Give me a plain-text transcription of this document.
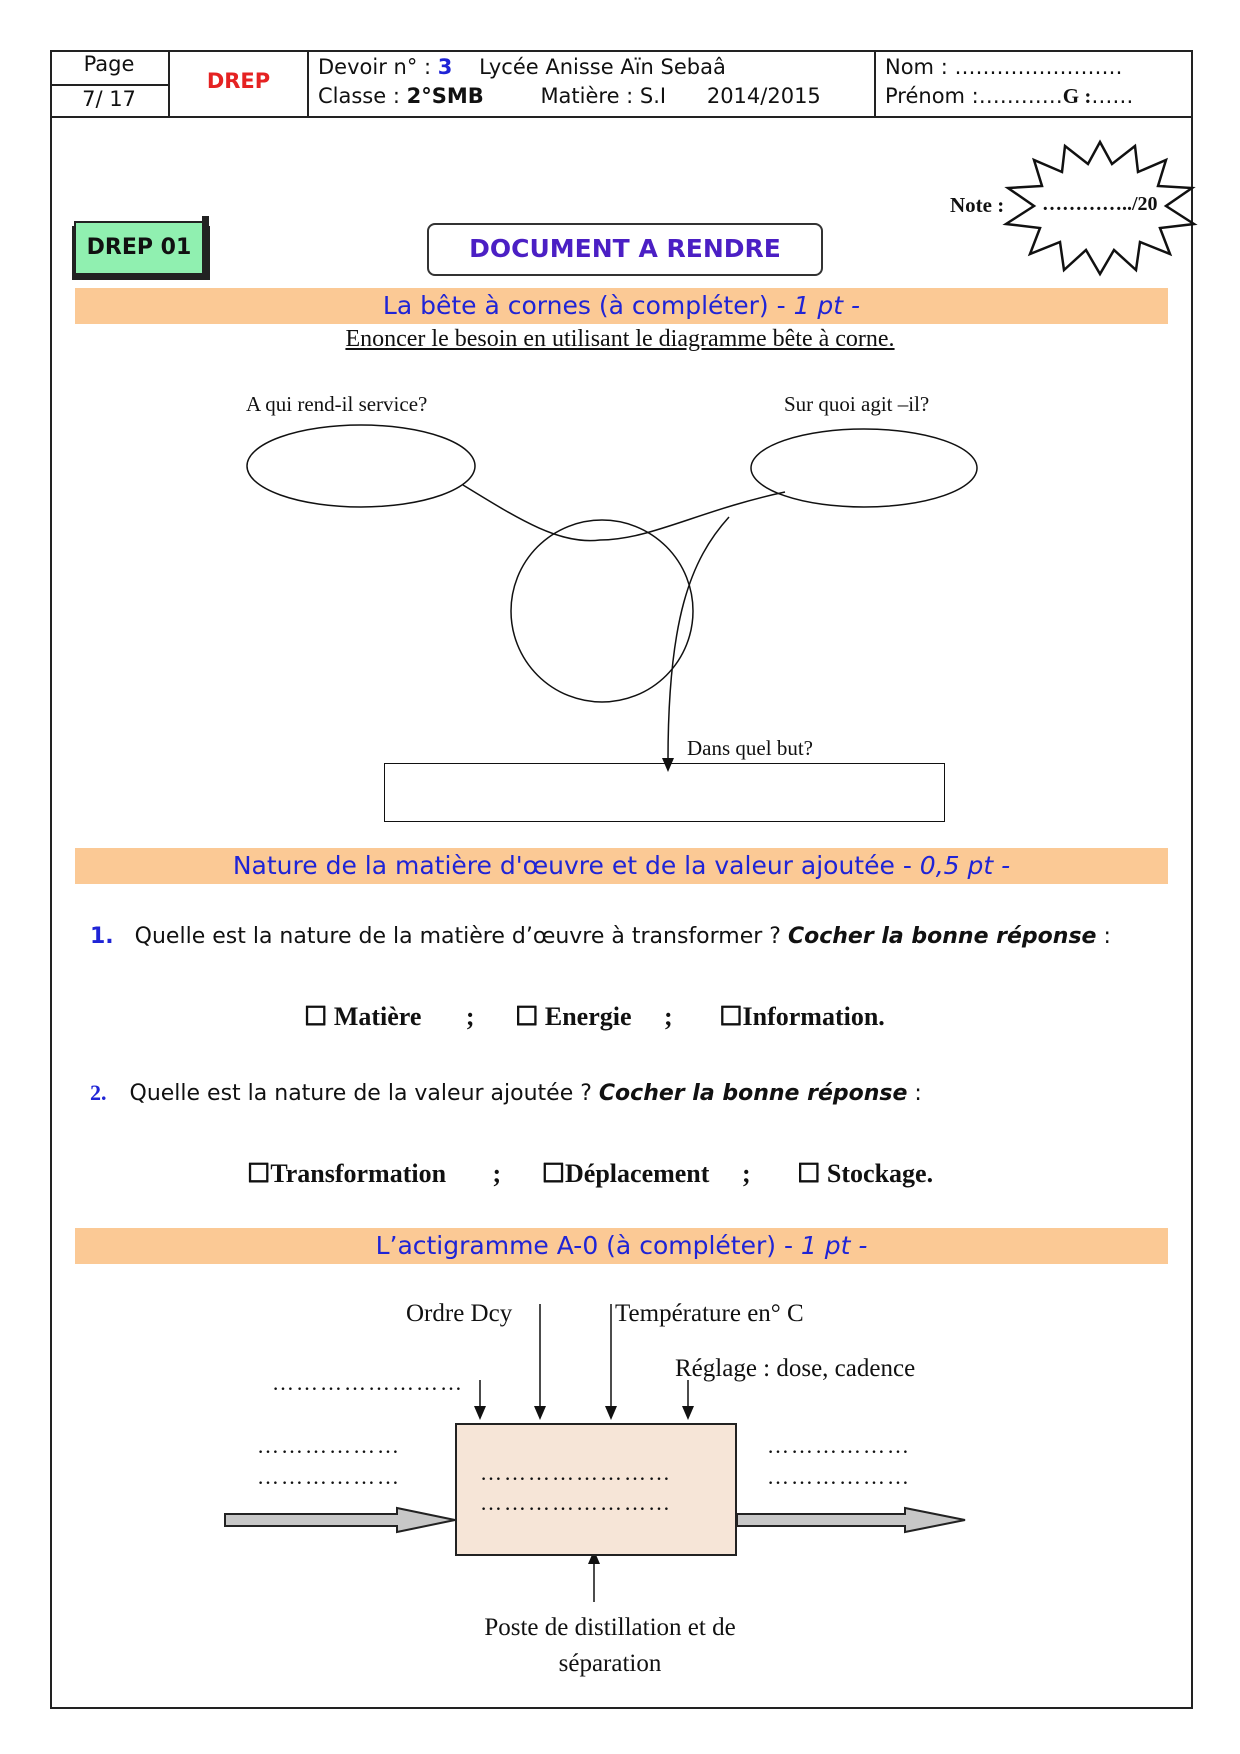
Page
7/ 17
DREP
Devoir n° : 3 Lycée Anisse Aïn Sebaâ
Classe : 2°SMB	Matière : S.I 2014/2015
Nom : ……………………
Prénom :…………G :……
Note : …………../20
DREP 01	DOCUMENT A RENDRE
La bête à cornes (à compléter) - 1 pt -
Enoncer le besoin en utilisant le diagramme bête à corne.
A qui rend-il service?	Sur quoi agit –il?
Dans quel but?
Nature de la matière d'œuvre et de la valeur ajoutée - 0,5 pt -
1. Quelle est la nature de la matière d’œuvre à transformer ? Cocher la bonne réponse :
☐ Matière ; ☐ Energie ; ☐Information.
2. Quelle est la nature de la valeur ajoutée ? Cocher la bonne réponse :
☐Transformation ; ☐Déplacement ; ☐ Stockage.
L’actigramme A-0 (à compléter) - 1 pt -
Ordre Dcy	Température en° C
Réglage : dose, cadence
……………………
………………
………………
………………
………………
……………………
……………………
Poste de distillation et de séparation
